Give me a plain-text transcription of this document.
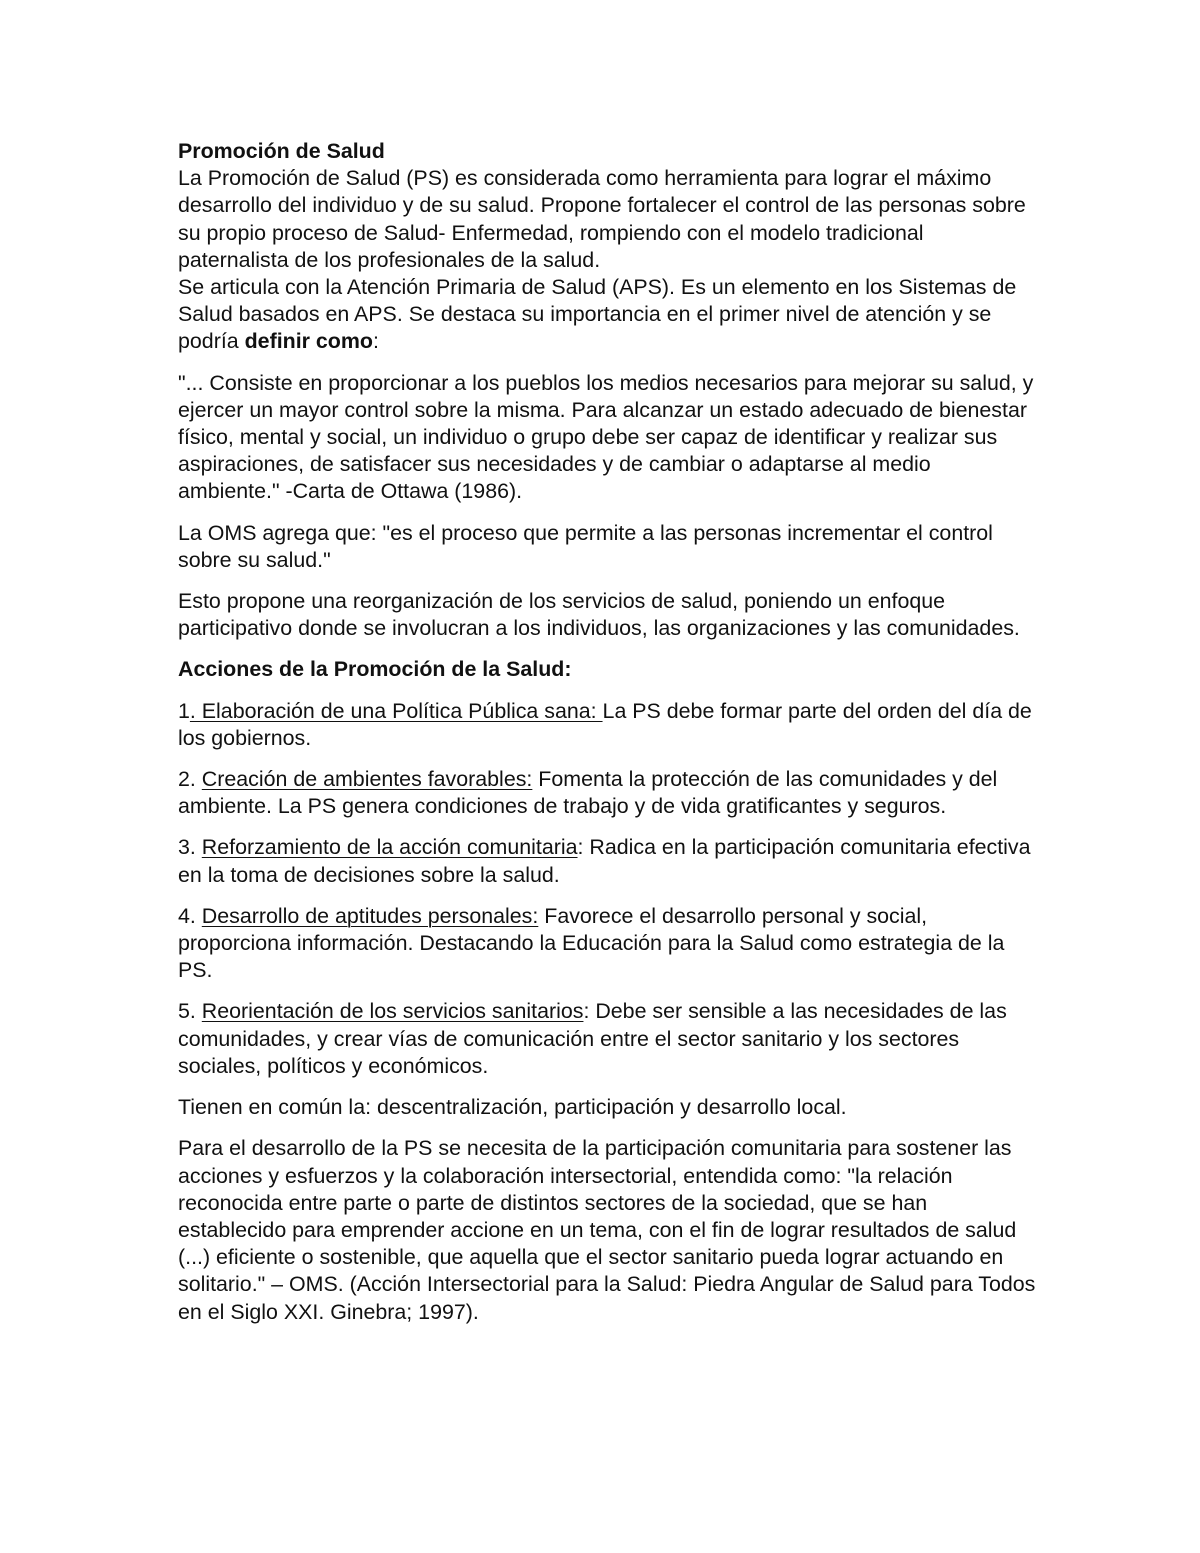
Promoción de Salud

La Promoción de Salud (PS) es considerada como herramienta para lograr el máximo desarrollo del individuo y de su salud. Propone fortalecer el control de las personas sobre su propio proceso de Salud- Enfermedad, rompiendo con el modelo tradicional paternalista de los profesionales de la salud.

Se articula con la Atención Primaria de Salud (APS). Es un elemento en los Sistemas de Salud basados en APS. Se destaca su importancia en el primer nivel de atención y se podría definir como:

"... Consiste en proporcionar a los pueblos los medios necesarios para mejorar su salud, y ejercer un mayor control sobre la misma. Para alcanzar un estado adecuado de bienestar físico, mental y social, un individuo o grupo debe ser capaz de identificar y realizar sus aspiraciones, de satisfacer sus necesidades y de cambiar o adaptarse al medio ambiente." -Carta de Ottawa (1986).

La OMS agrega que: "es el proceso que permite a las personas incrementar el control sobre su salud."

Esto propone una reorganización de los servicios de salud, poniendo un enfoque participativo donde se involucran a los individuos, las organizaciones y las comunidades.

Acciones de la Promoción de la Salud:

1. Elaboración de una Política Pública sana: La PS debe formar parte del orden del día de los gobiernos.

2. Creación de ambientes favorables: Fomenta la protección de las comunidades y del ambiente. La PS genera condiciones de trabajo y de vida gratificantes y seguros.

3. Reforzamiento de la acción comunitaria: Radica en la participación comunitaria efectiva en la toma de decisiones sobre la salud.

4. Desarrollo de aptitudes personales: Favorece el desarrollo personal y social, proporciona información. Destacando la Educación para la Salud como estrategia de la PS.

5. Reorientación de los servicios sanitarios: Debe ser sensible a las necesidades de las comunidades, y crear vías de comunicación entre el sector sanitario y los sectores sociales, políticos y económicos.

Tienen en común la: descentralización, participación y desarrollo local.

Para el desarrollo de la PS se necesita de la participación comunitaria para sostener las acciones y esfuerzos y la colaboración intersectorial, entendida como: "la relación reconocida entre parte o parte de distintos sectores de la sociedad, que se han establecido para emprender accione en un tema, con el fin de lograr resultados de salud (...) eficiente o sostenible, que aquella que el sector sanitario pueda lograr actuando en solitario." – OMS. (Acción Intersectorial para la Salud: Piedra Angular de Salud para Todos en el Siglo XXI. Ginebra; 1997).
